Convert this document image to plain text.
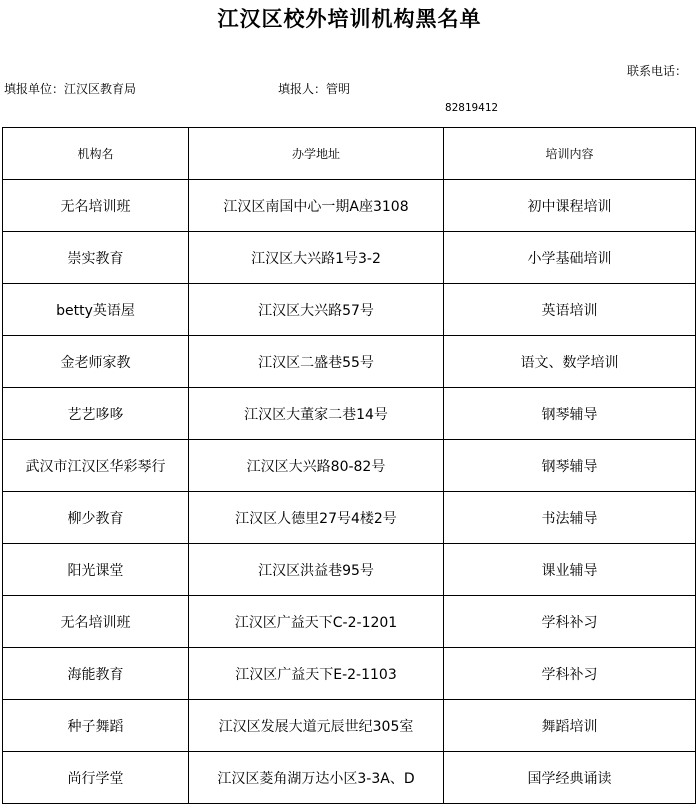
江汉区校外培训机构黑名单
联系电话：
填报单位：江汉区教育局	填报人：管明
82819412
机构名	办学地址	培训内容
无名培训班	江汉区南国中心一期A座3108	初中课程培训
崇实教育	江汉区大兴路1号3-2	小学基础培训
betty英语屋	江汉区大兴路57号	英语培训
金老师家教	江汉区二盛巷55号	语文、数学培训
艺艺哆哆	江汉区大董家二巷14号	钢琴辅导
武汉市江汉区华彩琴行	江汉区大兴路80-82号	钢琴辅导
柳少教育	江汉区人德里27号4楼2号	书法辅导
阳光课堂	江汉区洪益巷95号	课业辅导
无名培训班	江汉区广益天下C-2-1201	学科补习
海能教育	江汉区广益天下E-2-1103	学科补习
种子舞蹈	江汉区发展大道元辰世纪305室	舞蹈培训
尚行学堂	江汉区菱角湖万达小区3-3A、D	国学经典诵读
